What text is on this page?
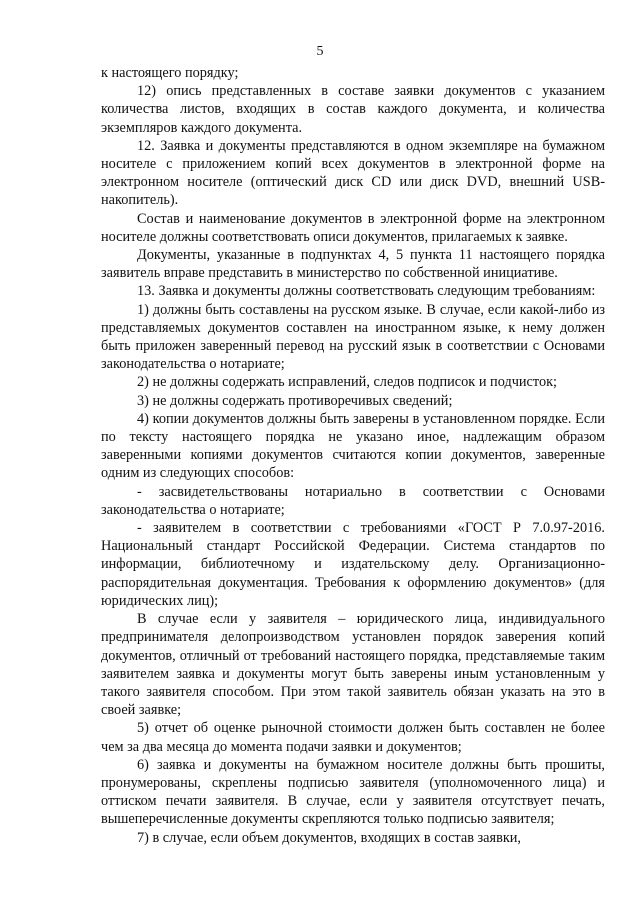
5

к настоящего порядку;

12) опись представленных в составе заявки документов с указанием количества листов, входящих в состав каждого документа, и количества экземпляров каждого документа.

12. Заявка и документы представляются в одном экземпляре на бумажном носителе с приложением копий всех документов в электронной форме на электронном носителе (оптический диск CD или диск DVD, внешний USB-накопитель).

Состав и наименование документов в электронной форме на электронном носителе должны соответствовать описи документов, прилагаемых к заявке.

Документы, указанные в подпунктах 4, 5 пункта 11 настоящего порядка заявитель вправе представить в министерство по собственной инициативе.

13. Заявка и документы должны соответствовать следующим требованиям:

1) должны быть составлены на русском языке. В случае, если какой-либо из представляемых документов составлен на иностранном языке, к нему должен быть приложен заверенный перевод на русский язык в соответствии с Основами законодательства о нотариате;

2) не должны содержать исправлений, следов подписок и подчисток;

3) не должны содержать противоречивых сведений;

4) копии документов должны быть заверены в установленном порядке. Если по тексту настоящего порядка не указано иное, надлежащим образом заверенными копиями документов считаются копии документов, заверенные одним из следующих способов:

- засвидетельствованы нотариально в соответствии с Основами законодательства о нотариате;

- заявителем в соответствии с требованиями «ГОСТ Р 7.0.97-2016. Национальный стандарт Российской Федерации. Система стандартов по информации, библиотечному и издательскому делу. Организационно-распорядительная документация. Требования к оформлению документов» (для юридических лиц);

В случае если у заявителя – юридического лица, индивидуального предпринимателя делопроизводством установлен порядок заверения копий документов, отличный от требований настоящего порядка, представляемые таким заявителем заявка и документы могут быть заверены иным установленным у такого заявителя способом. При этом такой заявитель обязан указать на это в своей заявке;

5) отчет об оценке рыночной стоимости должен быть составлен не более чем за два месяца до момента подачи заявки и документов;

6) заявка и документы на бумажном носителе должны быть прошиты, пронумерованы, скреплены подписью заявителя (уполномоченного лица) и оттиском печати заявителя. В случае, если у заявителя отсутствует печать, вышеперечисленные документы скрепляются только подписью заявителя;

7) в случае, если объем документов, входящих в состав заявки,
